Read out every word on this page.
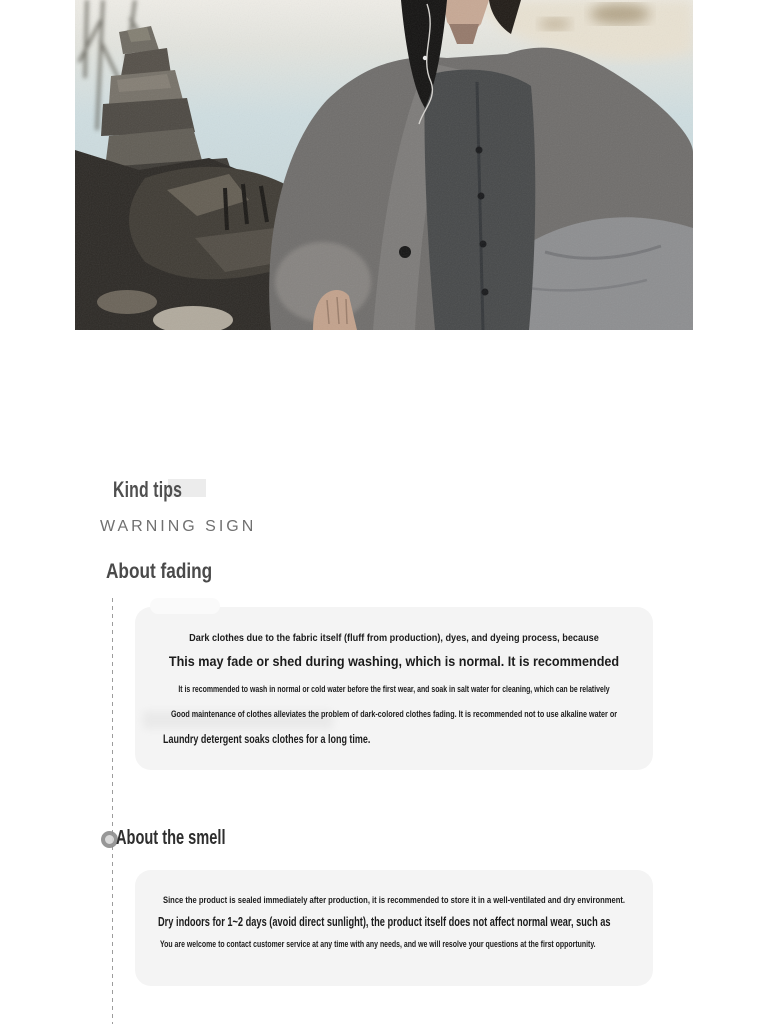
Kind tips
WARNING SIGN
About fading
Dark clothes due to the fabric itself (fluff from production), dyes, and dyeing process, because
This may fade or shed during washing, which is normal. It is recommended
It is recommended to wash in normal or cold water before the first wear, and soak in salt water for cleaning, which can be relatively
Good maintenance of clothes alleviates the problem of dark-colored clothes fading. It is recommended not to use alkaline water or
Laundry detergent soaks clothes for a long time.
About the smell
Since the product is sealed immediately after production, it is recommended to store it in a well-ventilated and dry environment.
Dry indoors for 1~2 days (avoid direct sunlight), the product itself does not affect normal wear, such as
You are welcome to contact customer service at any time with any needs, and we will resolve your questions at the first opportunity.
